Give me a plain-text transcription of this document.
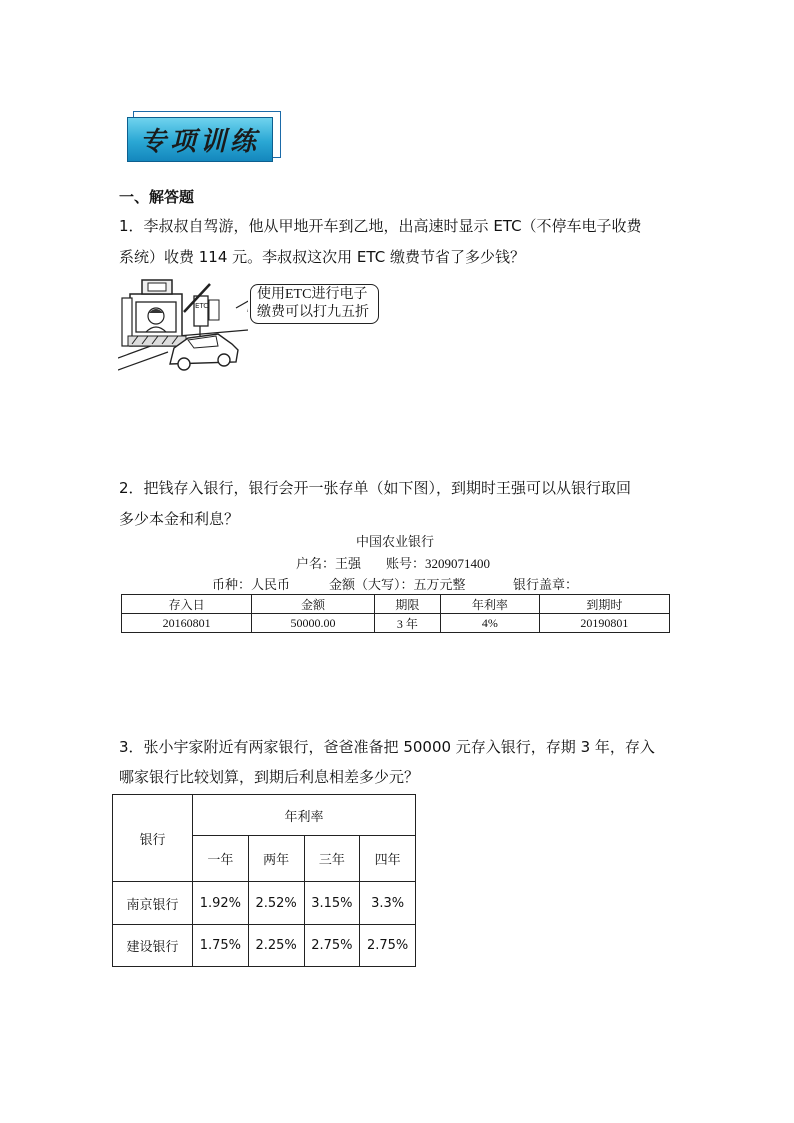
专项训练
一、解答题
1．李叔叔自驾游，他从甲地开车到乙地，出高速时显示 ETC（不停车电子收费
系统）收费 114 元。李叔叔这次用 ETC 缴费节省了多少钱？
ETC
使用ETC进行电子
缴费可以打九五折
2．把钱存入银行，银行会开一张存单（如下图），到期时王强可以从银行取回
多少本金和利息？
中国农业银行
户名：王强 账号：3209071400
币种：人民币	金额（大写）：五万元整	银行盖章：
存入日	金额	期限	年利率	到期时
20160801	50000.00	3 年	4%	20190801
3．张小宇家附近有两家银行，爸爸准备把 50000 元存入银行，存期 3 年，存入
哪家银行比较划算，到期后利息相差多少元？
银行	年利率			
	一年	两年	三年	四年
南京银行	1.92%	2.52%	3.15%	3.3%
建设银行	1.75%	2.25%	2.75%	2.75%
